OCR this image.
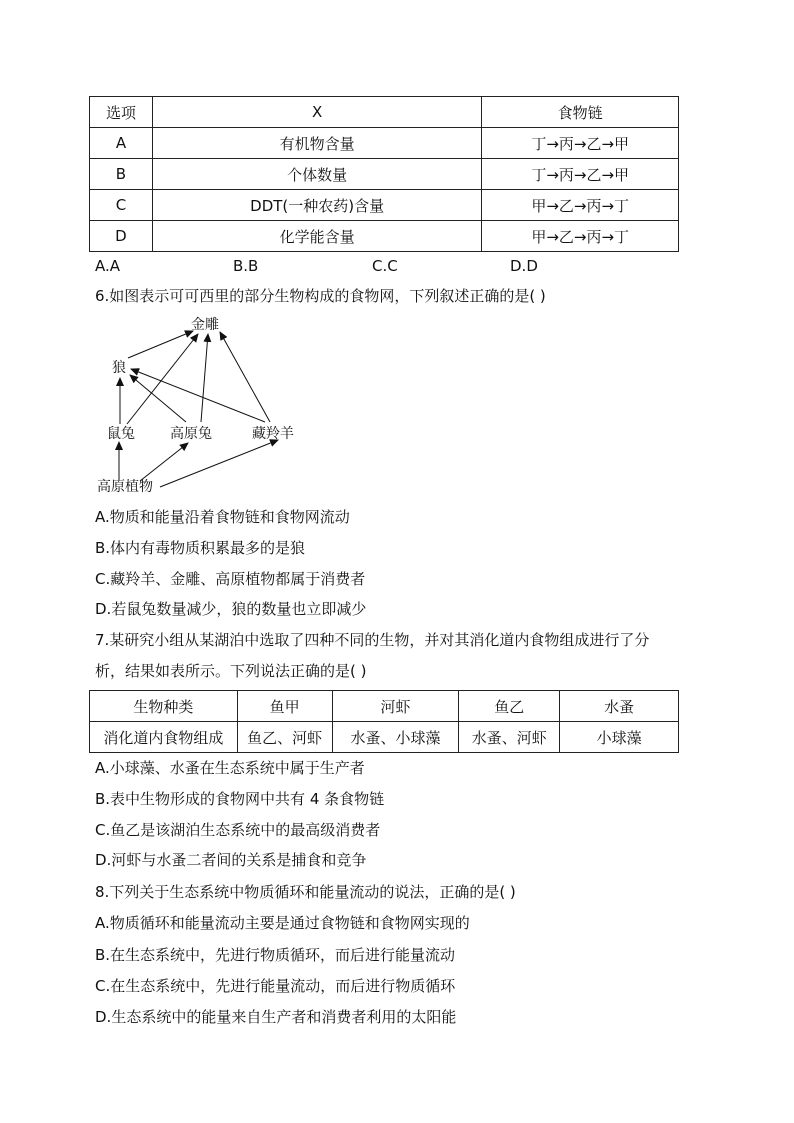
选项	X	食物链
A	有机物含量	丁→丙→乙→甲
B	个体数量	丁→丙→乙→甲
C	DDT(一种农药)含量	甲→乙→丙→丁
D	化学能含量	甲→乙→丙→丁
A.A	B.B	C.C	D.D
6.如图表示可可西里的部分生物构成的食物网，下列叙述正确的是( )
金雕
狼
鼠兔	高原兔	藏羚羊
高原植物
A.物质和能量沿着食物链和食物网流动
B.体内有毒物质积累最多的是狼
C.藏羚羊、金雕、高原植物都属于消费者
D.若鼠兔数量减少，狼的数量也立即减少
7.某研究小组从某湖泊中选取了四种不同的生物，并对其消化道内食物组成进行了分
析，结果如表所示。下列说法正确的是( )
生物种类	鱼甲	河虾	鱼乙	水蚤
消化道内食物组成	鱼乙、河虾	水蚤、小球藻	水蚤、河虾	小球藻
A.小球藻、水蚤在生态系统中属于生产者
B.表中生物形成的食物网中共有 4 条食物链
C.鱼乙是该湖泊生态系统中的最高级消费者
D.河虾与水蚤二者间的关系是捕食和竞争
8.下列关于生态系统中物质循环和能量流动的说法，正确的是( )
A.物质循环和能量流动主要是通过食物链和食物网实现的
B.在生态系统中，先进行物质循环，而后进行能量流动
C.在生态系统中，先进行能量流动，而后进行物质循环
D.生态系统中的能量来自生产者和消费者利用的太阳能
